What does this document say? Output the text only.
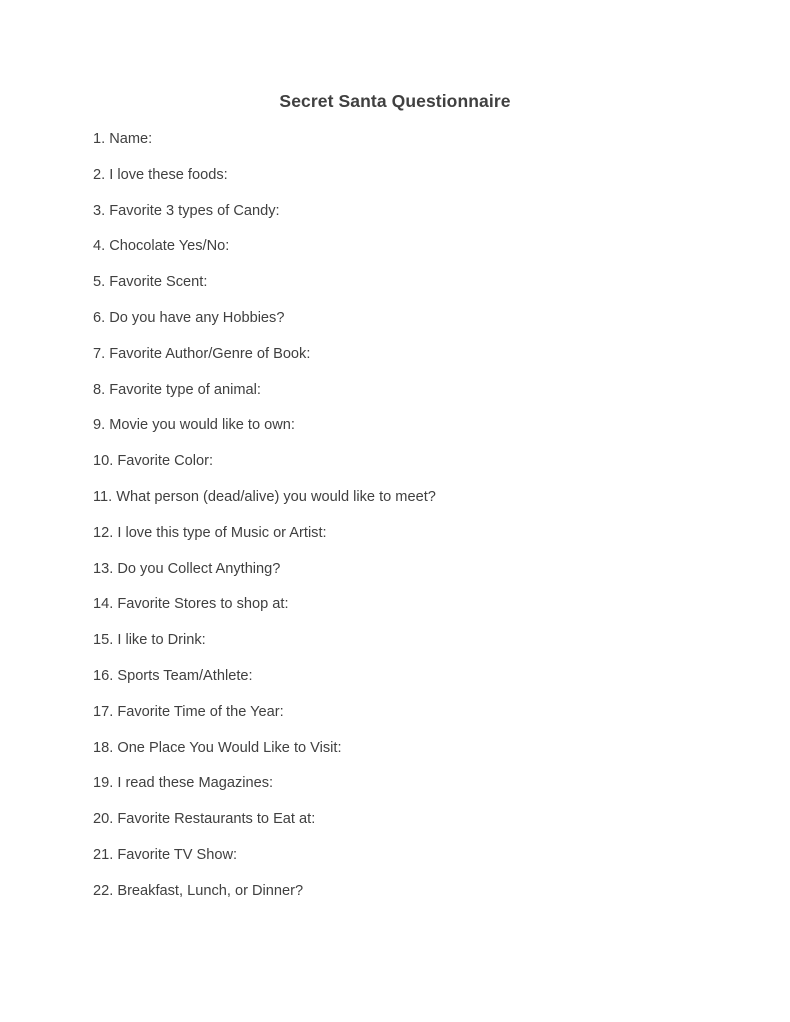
Secret Santa Questionnaire
1. Name:
2. I love these foods:
3. Favorite 3 types of Candy:
4. Chocolate Yes/No:
5. Favorite Scent:
6. Do you have any Hobbies?
7. Favorite Author/Genre of Book:
8. Favorite type of animal:
9. Movie you would like to own:
10. Favorite Color:
11. What person (dead/alive) you would like to meet?
12. I love this type of Music or Artist:
13. Do you Collect Anything?
14. Favorite Stores to shop at:
15. I like to Drink:
16. Sports Team/Athlete:
17. Favorite Time of the Year:
18. One Place You Would Like to Visit:
19. I read these Magazines:
20. Favorite Restaurants to Eat at:
21. Favorite TV Show:
22. Breakfast, Lunch, or Dinner?
